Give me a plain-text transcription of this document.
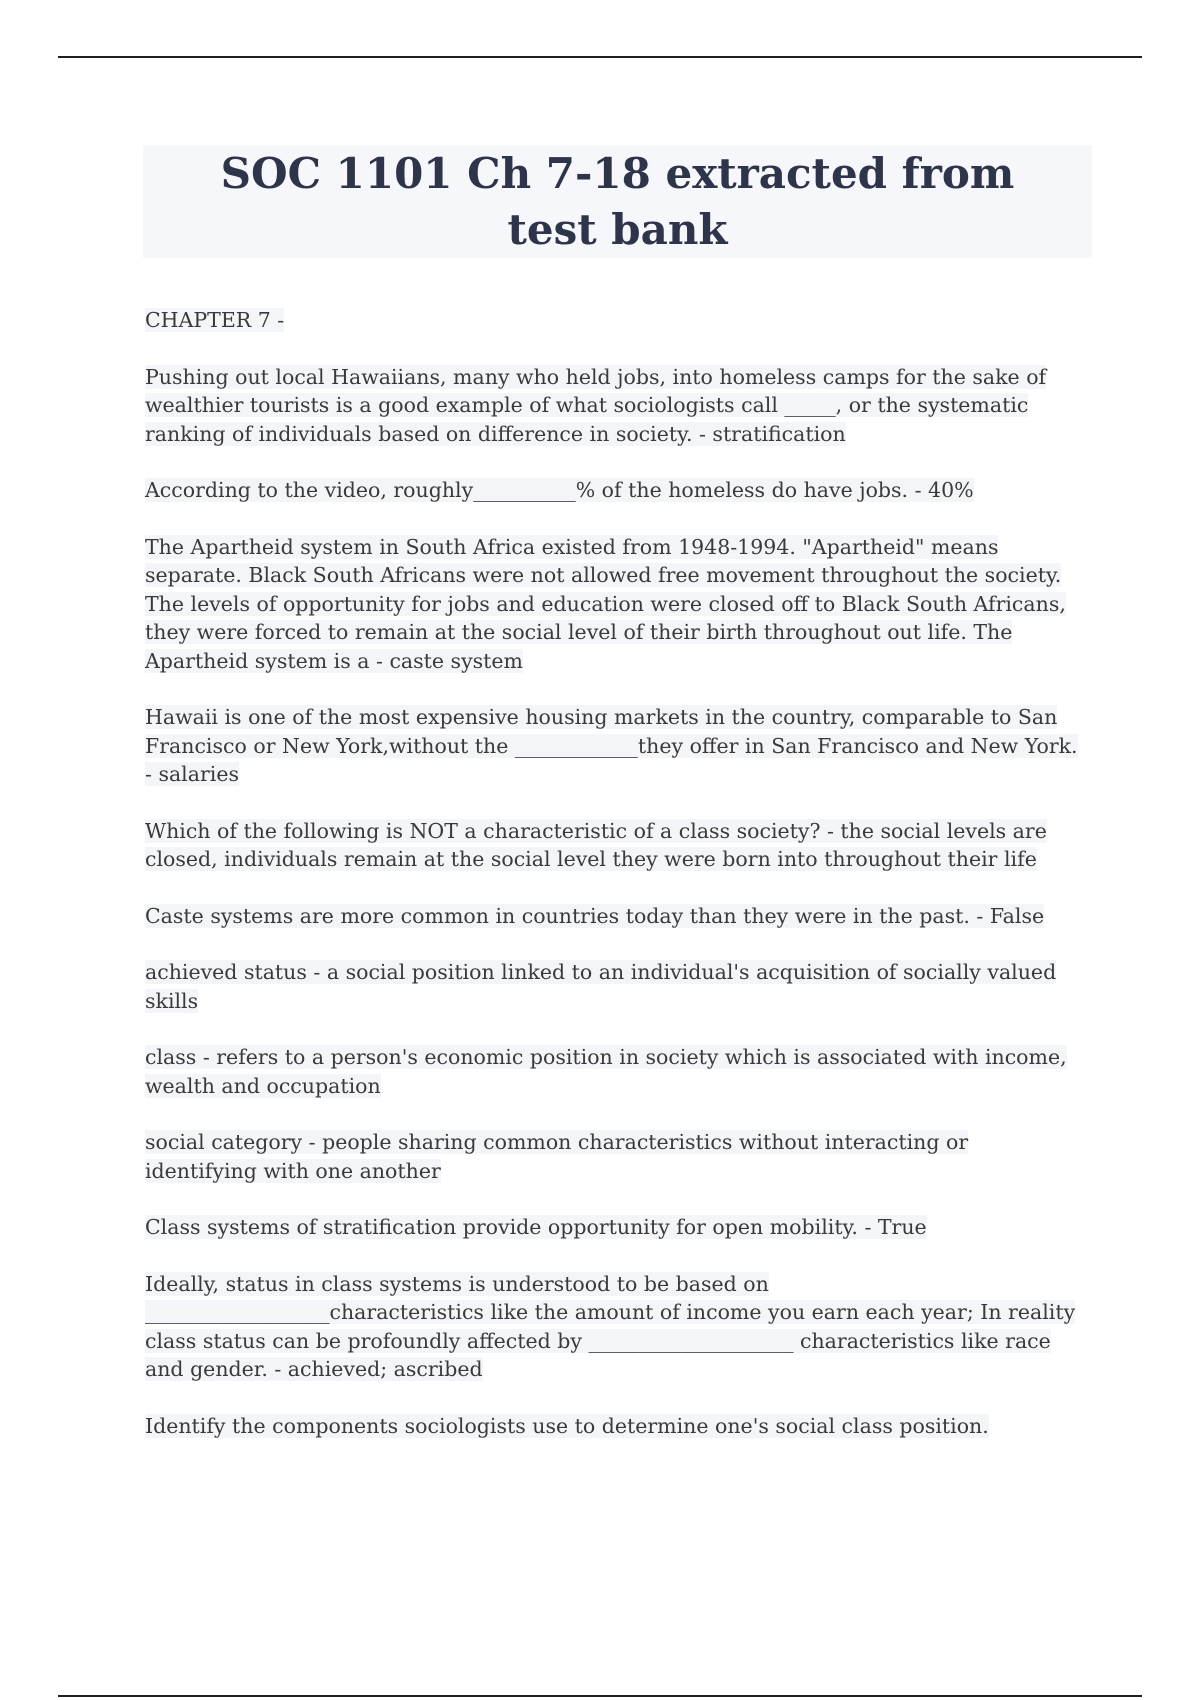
SOC 1101 Ch 7-18 extracted from test bank

CHAPTER 7 -

Pushing out local Hawaiians, many who held jobs, into homeless camps for the sake of wealthier tourists is a good example of what sociologists call _____, or the systematic ranking of individuals based on difference in society. - stratification

According to the video, roughly__________% of the homeless do have jobs. - 40%

The Apartheid system in South Africa existed from 1948-1994. "Apartheid" means separate. Black South Africans were not allowed free movement throughout the society. The levels of opportunity for jobs and education were closed off to Black South Africans, they were forced to remain at the social level of their birth throughout out life. The Apartheid system is a - caste system

Hawaii is one of the most expensive housing markets in the country, comparable to San Francisco or New York,without the ____________they offer in San Francisco and New York. - salaries

Which of the following is NOT a characteristic of a class society? - the social levels are closed, individuals remain at the social level they were born into throughout their life

Caste systems are more common in countries today than they were in the past. - False

achieved status - a social position linked to an individual's acquisition of socially valued skills

class - refers to a person's economic position in society which is associated with income, wealth and occupation

social category - people sharing common characteristics without interacting or identifying with one another

Class systems of stratification provide opportunity for open mobility. - True

Ideally, status in class systems is understood to be based on __________________characteristics like the amount of income you earn each year; In reality class status can be profoundly affected by ____________________ characteristics like race and gender. - achieved; ascribed

Identify the components sociologists use to determine one's social class position.
